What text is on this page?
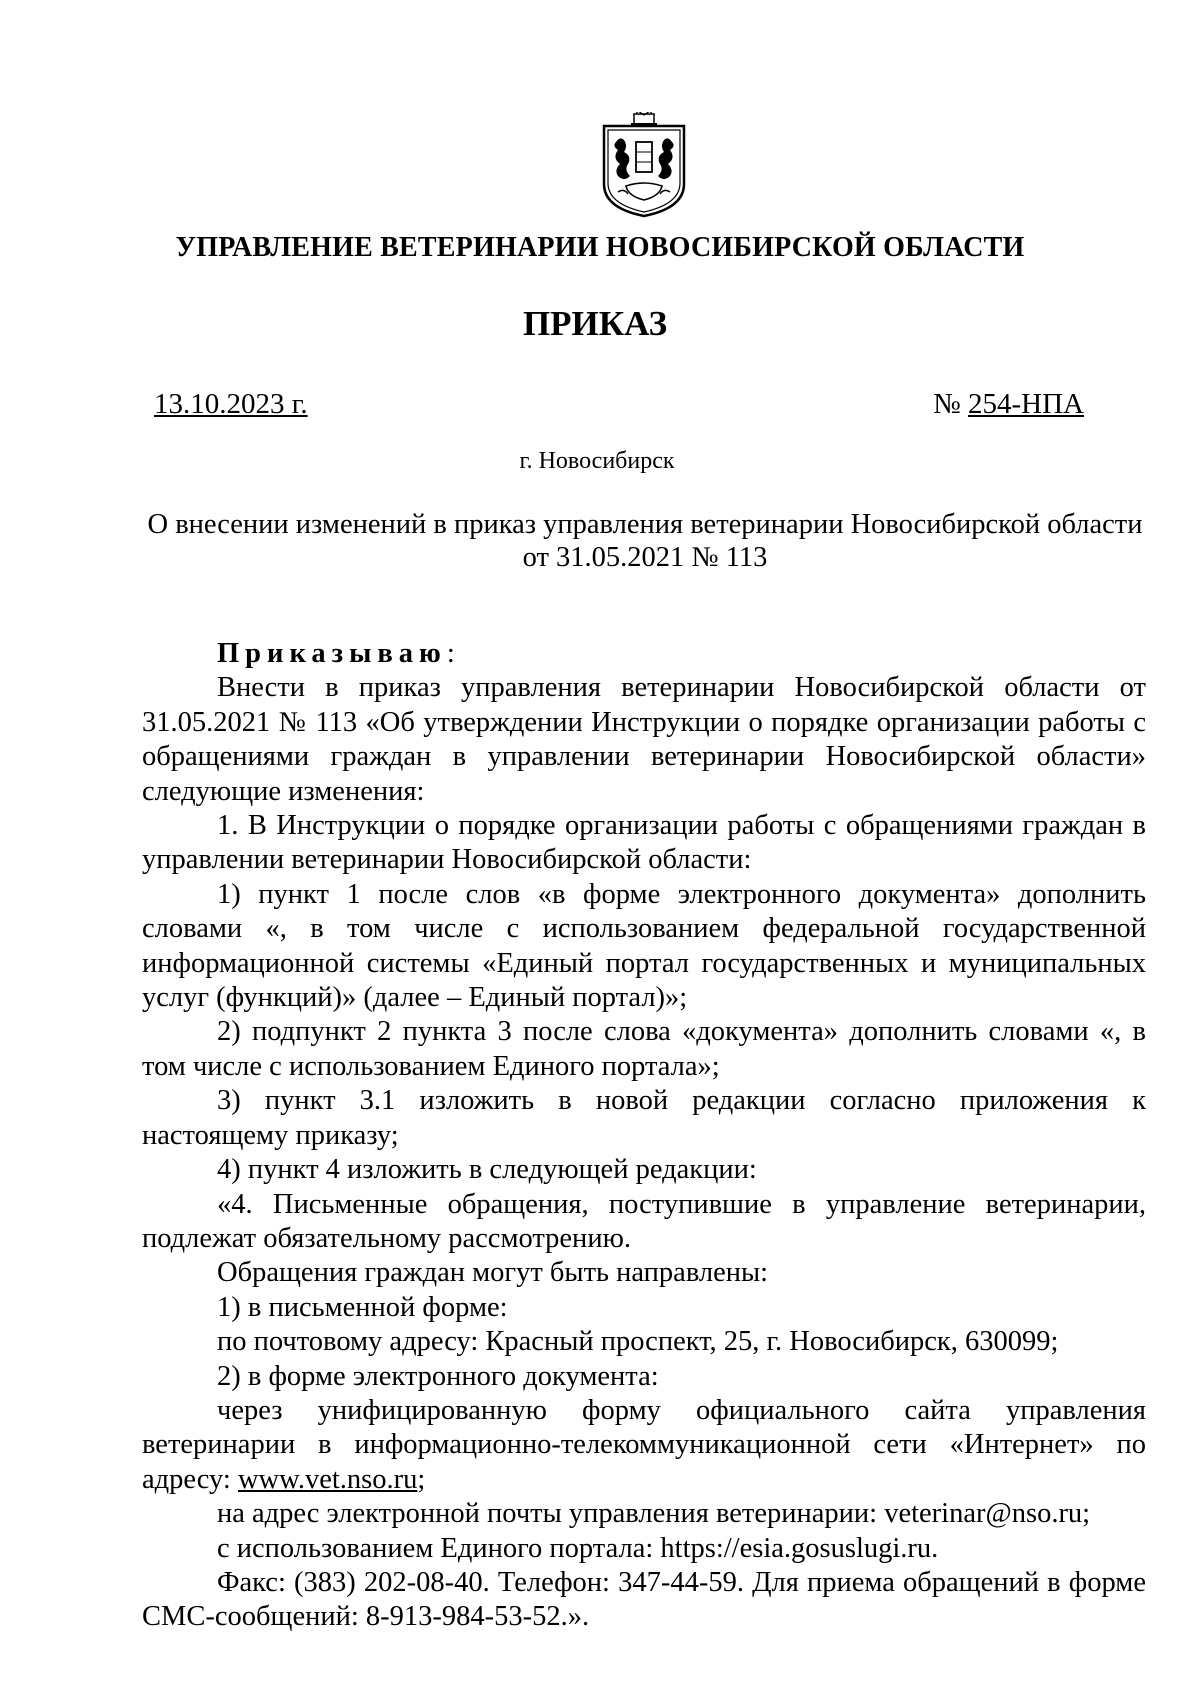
УПРАВЛЕНИЕ ВЕТЕРИНАРИИ НОВОСИБИРСКОЙ ОБЛАСТИ
ПРИКАЗ
13.10.2023 г.	№ 254-НПА
г. Новосибирск
О внесении изменений в приказ управления ветеринарии Новосибирской области
от 31.05.2021 № 113

Приказываю:

Внести в приказ управления ветеринарии Новосибирской области от 31.05.2021 № 113 «Об утверждении Инструкции о порядке организации работы с обращениями граждан в управлении ветеринарии Новосибирской области» следующие изменения:

1. В Инструкции о порядке организации работы с обращениями граждан в управлении ветеринарии Новосибирской области:

1) пункт 1 после слов «в форме электронного документа» дополнить словами «, в том числе с использованием федеральной государственной информационной системы «Единый портал государственных и муниципальных услуг (функций)» (далее – Единый портал)»;

2) подпункт 2 пункта 3 после слова «документа» дополнить словами «, в том числе с использованием Единого портала»;

3) пункт 3.1 изложить в новой редакции согласно приложения к настоящему приказу;

4) пункт 4 изложить в следующей редакции:

«4. Письменные обращения, поступившие в управление ветеринарии, подлежат обязательному рассмотрению.

Обращения граждан могут быть направлены:

1) в письменной форме:

по почтовому адресу: Красный проспект, 25, г. Новосибирск, 630099;

2) в форме электронного документа:

через унифицированную форму официального сайта управления ветеринарии в информационно-телекоммуникационной сети «Интернет» по адресу: www.vet.nso.ru;

на адрес электронной почты управления ветеринарии: veterinar@nso.ru;

с использованием Единого портала: https://esia.gosuslugi.ru.

Факс: (383) 202-08-40. Телефон: 347-44-59. Для приема обращений в форме СМС-сообщений: 8-913-984-53-52.».
